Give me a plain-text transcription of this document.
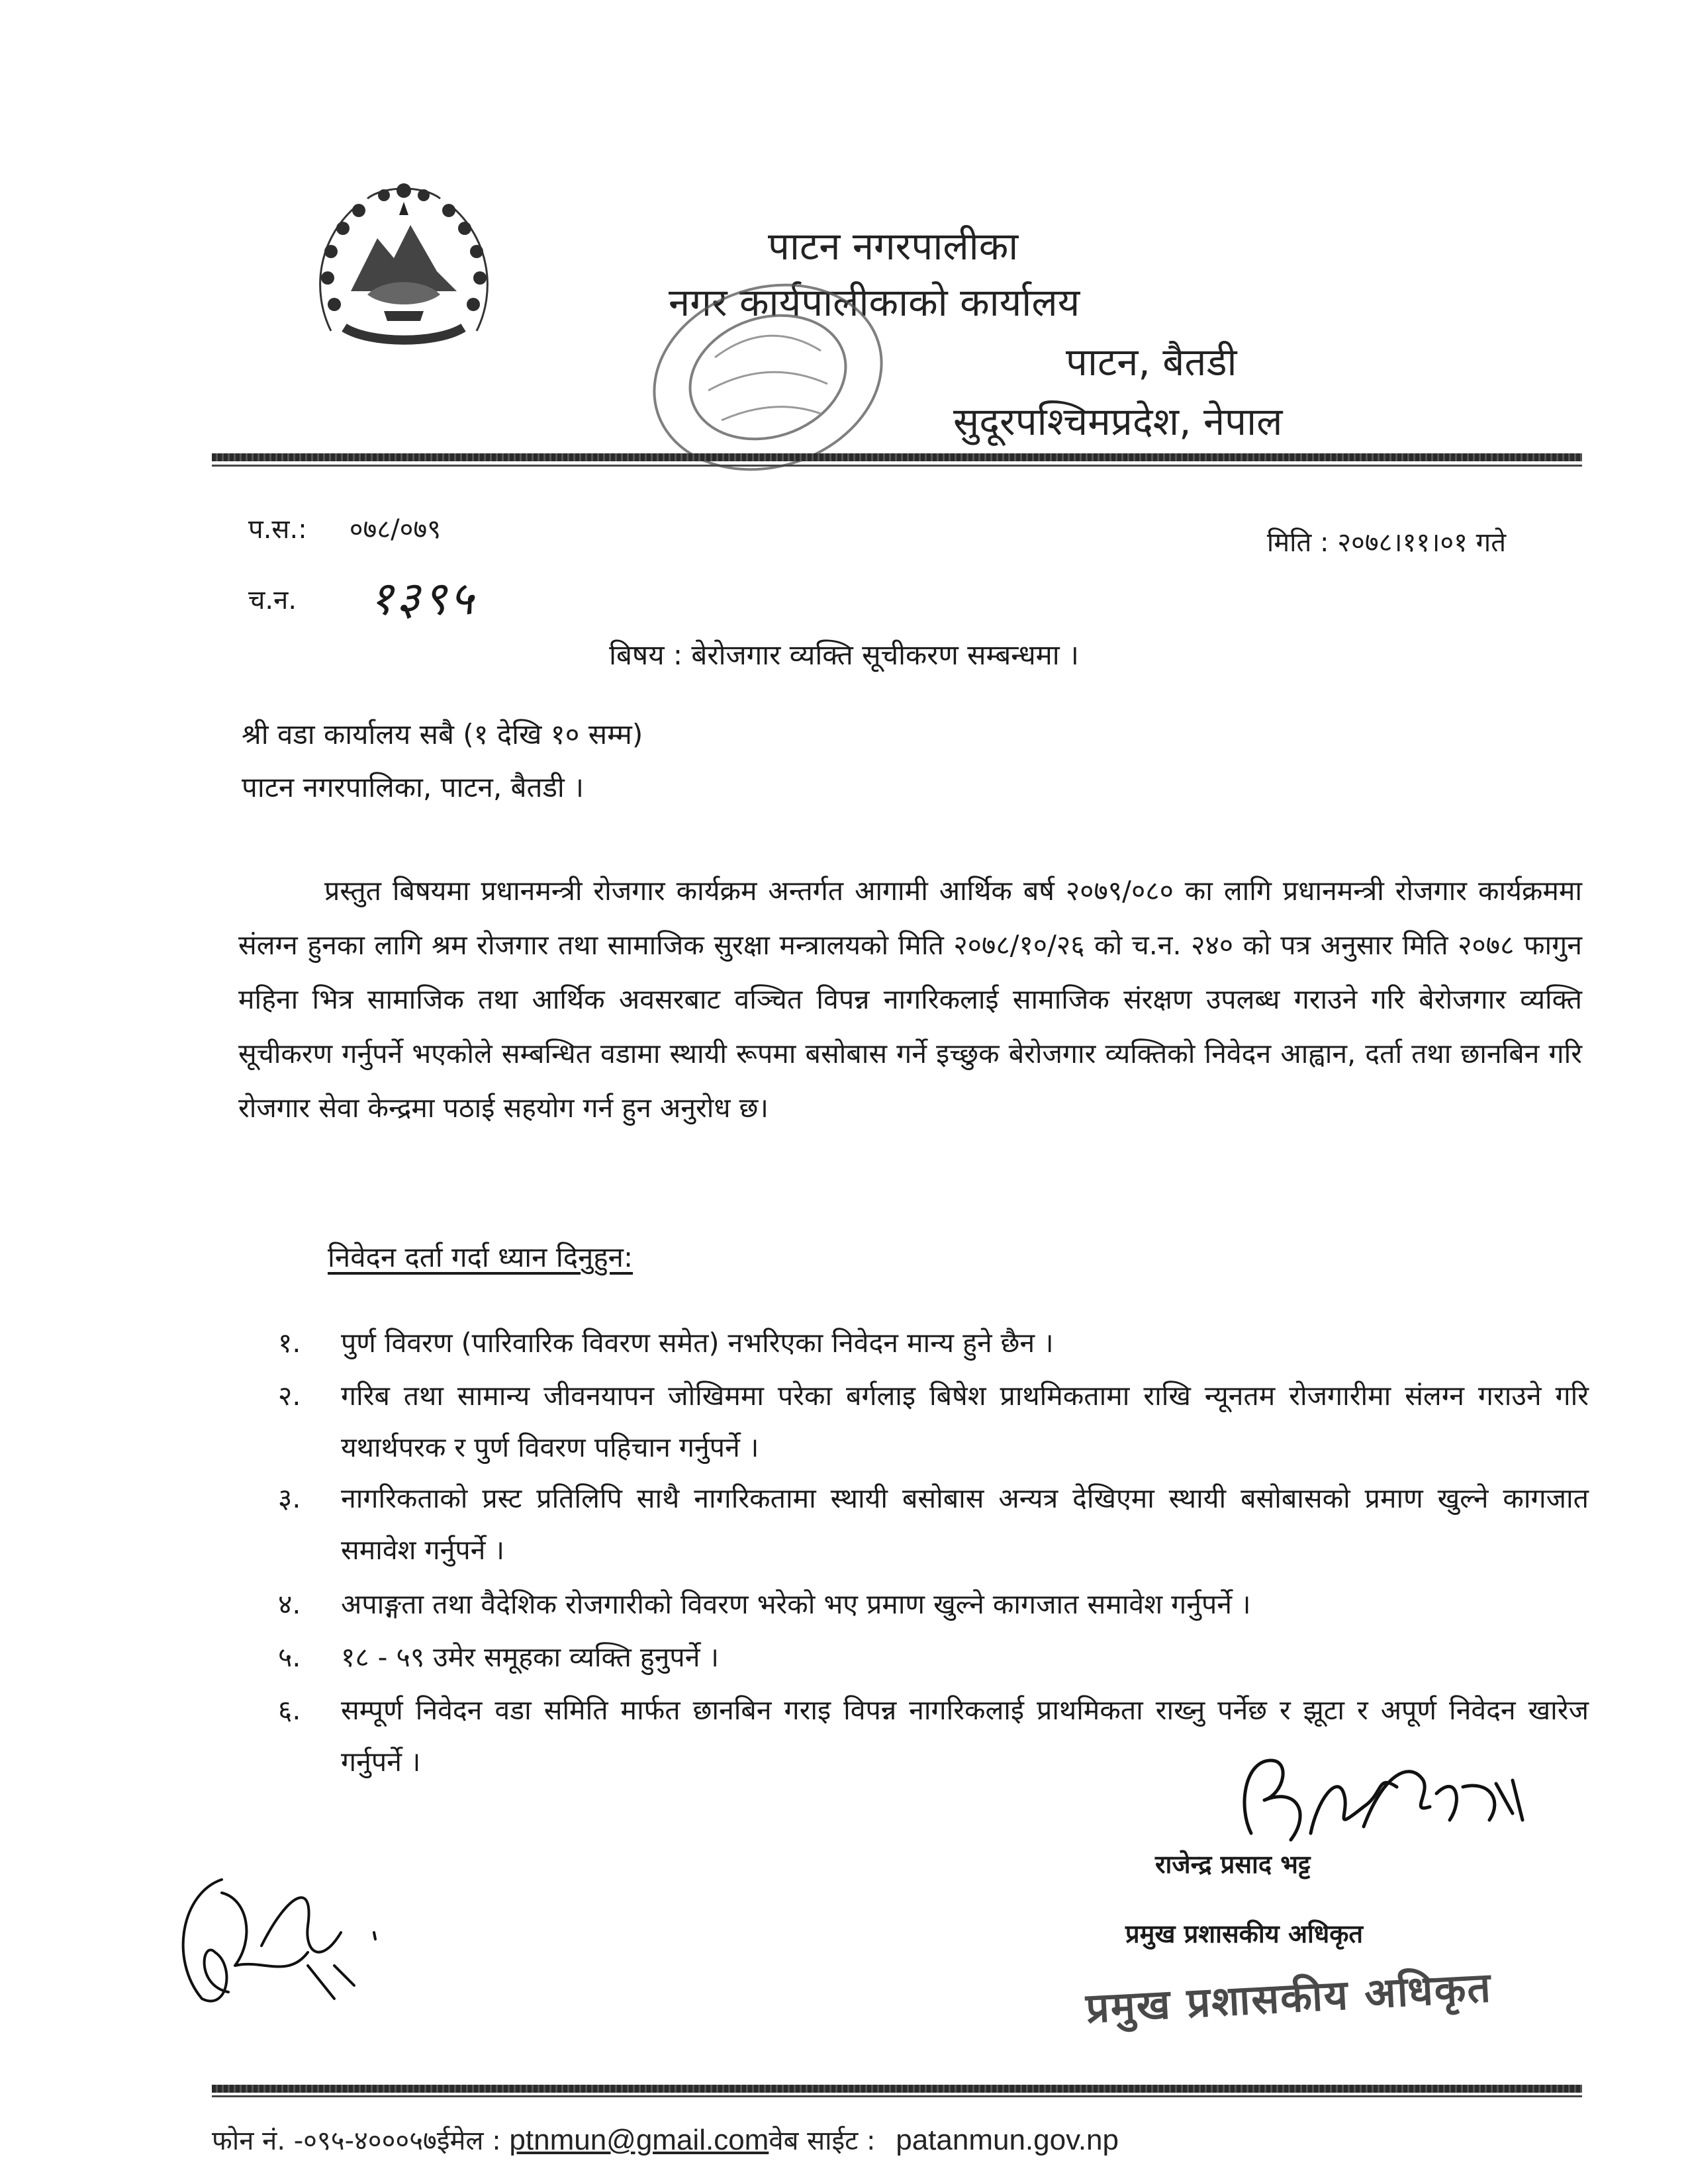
पाटन नगरपालीका
नगर कार्यपालीकाको कार्यालय
पाटन, बैतडी
सुदूरपश्चिमप्रदेश, नेपाल
प.स.: ०७८/०७९
च.न. १३९५
मिति : २०७८।११।०१ गते
बिषय : बेरोजगार व्यक्ति सूचीकरण सम्बन्धमा ।
श्री वडा कार्यालय सबै (१ देखि १० सम्म)
पाटन नगरपालिका, पाटन, बैतडी ।

प्रस्तुत बिषयमा प्रधानमन्त्री रोजगार कार्यक्रम अन्तर्गत आगामी आर्थिक बर्ष २०७९/०८० का लागि प्रधानमन्त्री रोजगार कार्यक्रममा संलग्न हुनका लागि श्रम रोजगार तथा सामाजिक सुरक्षा मन्त्रालयको मिति २०७८/१०/२६ को च.न. २४० को पत्र अनुसार मिति २०७८ फागुन महिना भित्र सामाजिक तथा आर्थिक अवसरबाट वञ्चित विपन्न नागरिकलाई सामाजिक संरक्षण उपलब्ध गराउने गरि बेरोजगार व्यक्ति सूचीकरण गर्नुपर्ने भएकोले सम्बन्धित वडामा स्थायी रूपमा बसोबास गर्ने इच्छुक बेरोजगार व्यक्तिको निवेदन आह्वान, दर्ता तथा छानबिन गरि रोजगार सेवा केन्द्रमा पठाई सहयोग गर्न हुन अनुरोध छ।

निवेदन दर्ता गर्दा ध्यान दिनुहुन:
१.	पुर्ण विवरण (पारिवारिक विवरण समेत) नभरिएका निवेदन मान्य हुने छैन ।
२.	गरिब तथा सामान्य जीवनयापन जोखिममा परेका बर्गलाइ बिषेश प्राथमिकतामा राखि न्यूनतम रोजगारीमा संलग्न गराउने गरि यथार्थपरक र पुर्ण विवरण पहिचान गर्नुपर्ने ।
३.	नागरिकताको प्रस्ट प्रतिलिपि साथै नागरिकतामा स्थायी बसोबास अन्यत्र देखिएमा स्थायी बसोबासको प्रमाण खुल्ने कागजात समावेश गर्नुपर्ने ।
४.	अपाङ्गता तथा वैदेशिक रोजगारीको विवरण भरेको भए प्रमाण खुल्ने कागजात समावेश गर्नुपर्ने ।
५.	१८ - ५९ उमेर समूहका व्यक्ति हुनुपर्ने ।
६.	सम्पूर्ण निवेदन वडा समिति मार्फत छानबिन गराइ विपन्न नागरिकलाई प्राथमिकता राख्नु पर्नेछ र झूटा र अपूर्ण निवेदन खारेज गर्नुपर्ने ।
राजेन्द्र प्रसाद भट्ट
प्रमुख प्रशासकीय अधिकृत
प्रमुख प्रशासकीय अधिकृत
फोन नं. -०९५-४०००५७ईमेल : ptnmun@gmail.comवेब साईट : patanmun.gov.np
